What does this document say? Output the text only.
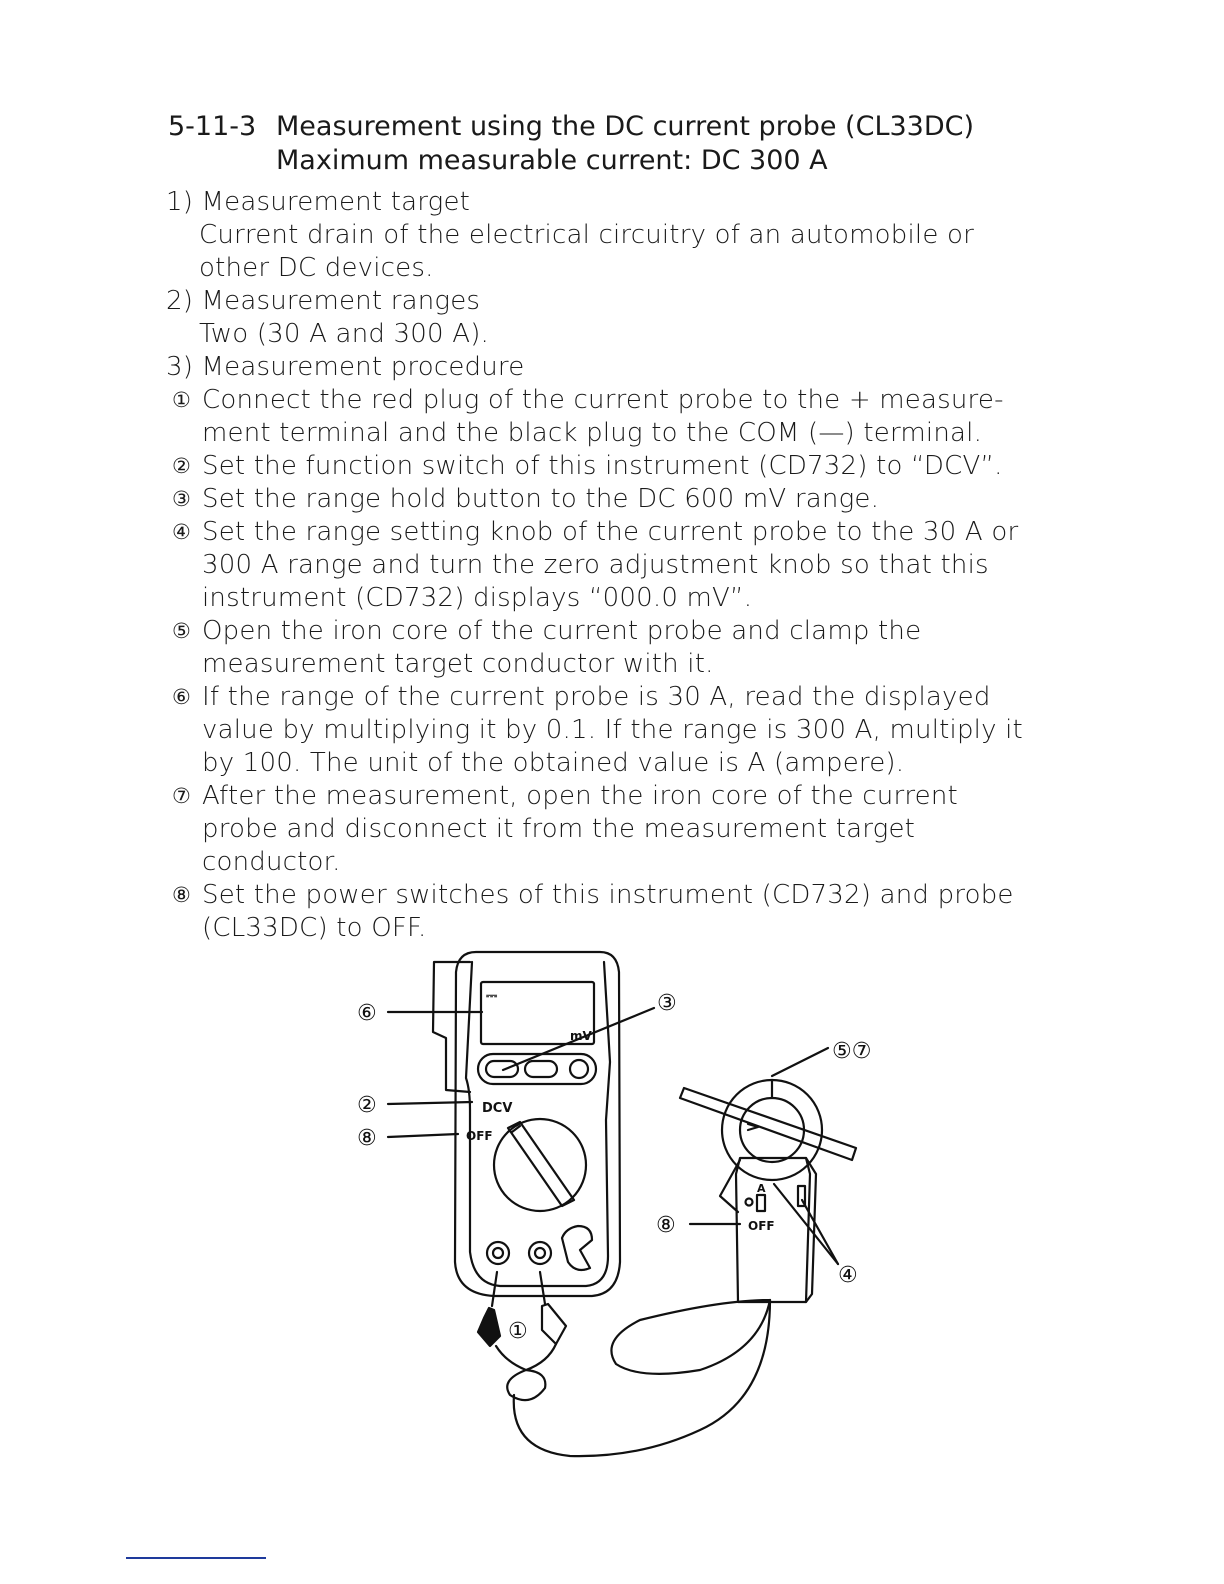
5-11-3 Measurement using the DC current probe (CL33DC)
Maximum measurable current: DC 300 A

1) Measurement target

Current drain of the electrical circuitry of an automobile or

other DC devices.

2) Measurement ranges

Two (30 A and 300 A).

3) Measurement procedure

① Connect the red plug of the current probe to the + measure-
ment terminal and the black plug to the COM (—) terminal.
② Set the function switch of this instrument (CD732) to “DCV”.
③ Set the range hold button to the DC 600 mV range.
④ Set the range setting knob of the current probe to the 30 A or
300 A range and turn the zero adjustment knob so that this
instrument (CD732) displays “000.0 mV”.
⑤ Open the iron core of the current probe and clamp the
measurement target conductor with it.
⑥ If the range of the current probe is 30 A, read the displayed
value by multiplying it by 0.1. If the range is 300 A, multiply it
by 100. The unit of the obtained value is A (ampere).
⑦ After the measurement, open the iron core of the current
probe and disconnect it from the measurement target
conductor.
⑧ Set the power switches of this instrument (CD732) and probe
(CL33DC) to OFF.
⎓
mV
DCV
OFF
A
OFF
⑥	③
⑤⑦
②
⑧
⑧
④
①
